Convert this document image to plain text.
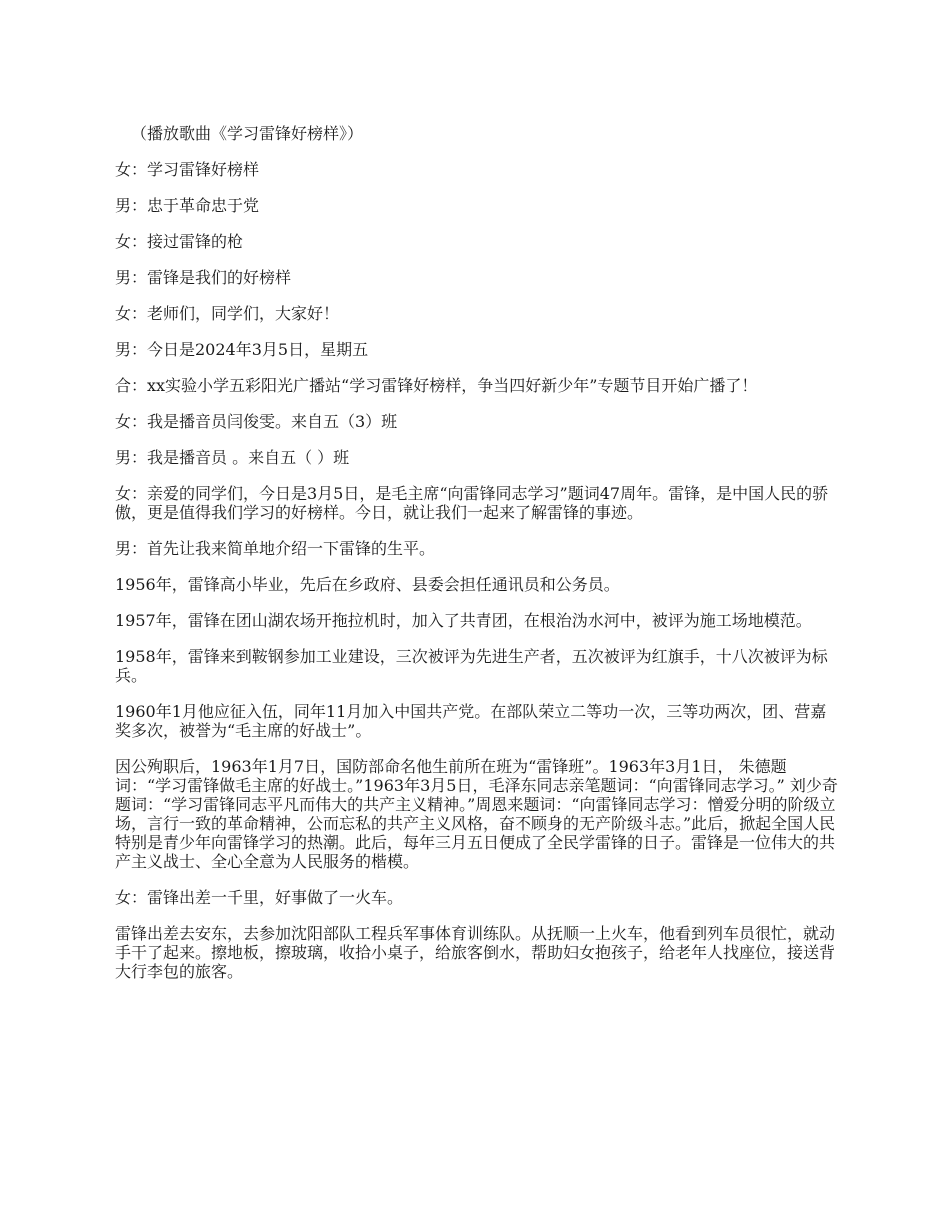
（播放歌曲《学习雷锋好榜样》）

女：学习雷锋好榜样

男：忠于革命忠于党

女：接过雷锋的枪

男：雷锋是我们的好榜样

女：老师们，同学们，大家好！

男：今日是2024年3月5日，星期五

合：xx实验小学五彩阳光广播站“学习雷锋好榜样，争当四好新少年”专题节目开始广播了！

女：我是播音员闫俊雯。来自五（3）班

男：我是播音员 。来自五（ ）班

女：亲爱的同学们，今日是3月5日，是毛主席“向雷锋同志学习”题词47周年。雷锋，是中国人民的骄傲，更是值得我们学习的好榜样。今日，就让我们一起来了解雷锋的事迹。

男：首先让我来简单地介绍一下雷锋的生平。

1956年，雷锋高小毕业，先后在乡政府、县委会担任通讯员和公务员。

1957年，雷锋在团山湖农场开拖拉机时，加入了共青团，在根治沩水河中，被评为施工场地模范。

1958年，雷锋来到鞍钢参加工业建设，三次被评为先进生产者，五次被评为红旗手，十八次被评为标兵。

1960年1月他应征入伍，同年11月加入中国共产党。在部队荣立二等功一次，三等功两次，团、营嘉奖多次，被誉为“毛主席的好战士”。

因公殉职后，1963年1月7日，国防部命名他生前所在班为“雷锋班”。1963年3月1日， 朱德题词：“学习雷锋做毛主席的好战士。”1963年3月5日，毛泽东同志亲笔题词：“向雷锋同志学习。” 刘少奇题词：“学习雷锋同志平凡而伟大的共产主义精神。”周恩来题词：“向雷锋同志学习：憎爱分明的阶级立场，言行一致的革命精神，公而忘私的共产主义风格，奋不顾身的无产阶级斗志。”此后，掀起全国人民特别是青少年向雷锋学习的热潮。此后，每年三月五日便成了全民学雷锋的日子。雷锋是一位伟大的共产主义战士、全心全意为人民服务的楷模。

女：雷锋出差一千里，好事做了一火车。

雷锋出差去安东，去参加沈阳部队工程兵军事体育训练队。从抚顺一上火车，他看到列车员很忙，就动手干了起来。擦地板，擦玻璃，收拾小桌子，给旅客倒水，帮助妇女抱孩子，给老年人找座位，接送背大行李包的旅客。
